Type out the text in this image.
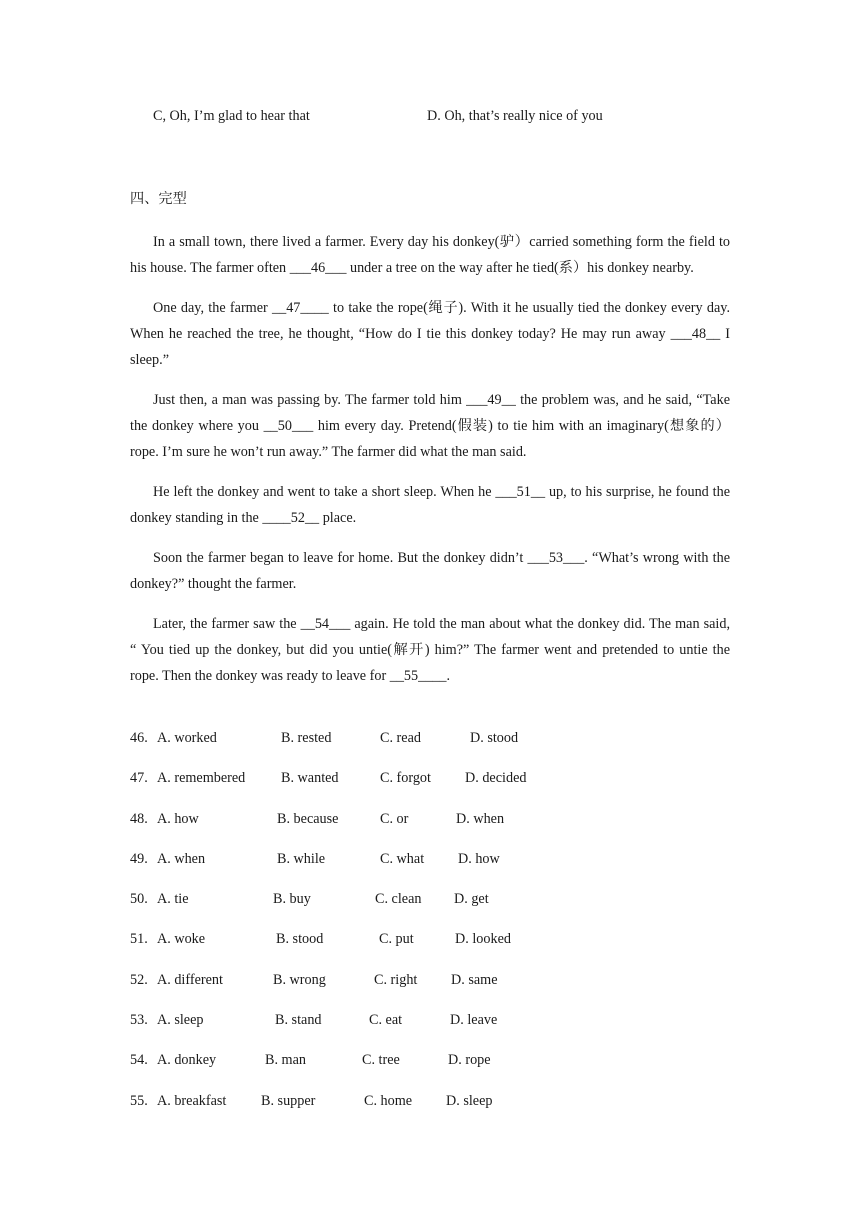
C, Oh, I’m glad to hear that	D. Oh, that’s really nice of you
四、完型

In a small town, there lived a farmer. Every day his donkey(驴）carried something form the field to his house. The farmer often ___46___ under a tree on the way after he tied(系）his donkey nearby.

One day, the farmer __47____ to take the rope(绳子). With it he usually tied the donkey every day. When he reached the tree, he thought, “How do I tie this donkey today? He may run away ___48__ I sleep.”

Just then, a man was passing by. The farmer told him ___49__ the problem was, and he said, “Take the donkey where you __50___ him every day. Pretend(假装) to tie him with an imaginary(想象的）rope. I’m sure he won’t run away.” The farmer did what the man said.

He left the donkey and went to take a short sleep. When he ___51__ up, to his surprise, he found the donkey standing in the ____52__ place.

Soon the farmer began to leave for home. But the donkey didn’t ___53___. “What’s wrong with the donkey?” thought the farmer.

Later, the farmer saw the __54___ again. He told the man about what the donkey did. The man said, “ You tied up the donkey, but did you untie(解开) him?” The farmer went and pretended to untie the rope. Then the donkey was ready to leave for __55____.

46. A. worked	B. rested	C. read	D. stood
47. A. remembered	B. wanted	C. forgot D. decided
48. A. how	B. because	C. or	D. when
49. A. when	B. while	C. what D. how
50. A. tie	B. buy	C. clean D. get
51. A. woke	B. stood	C. put	D. looked
52. A. different	B. wrong	C. right D. same
53. A. sleep	B. stand	C. eat	D. leave
54. A. donkey	B. man	C. tree	D. rope
55. A. breakfast B. supper	C. home D. sleep
